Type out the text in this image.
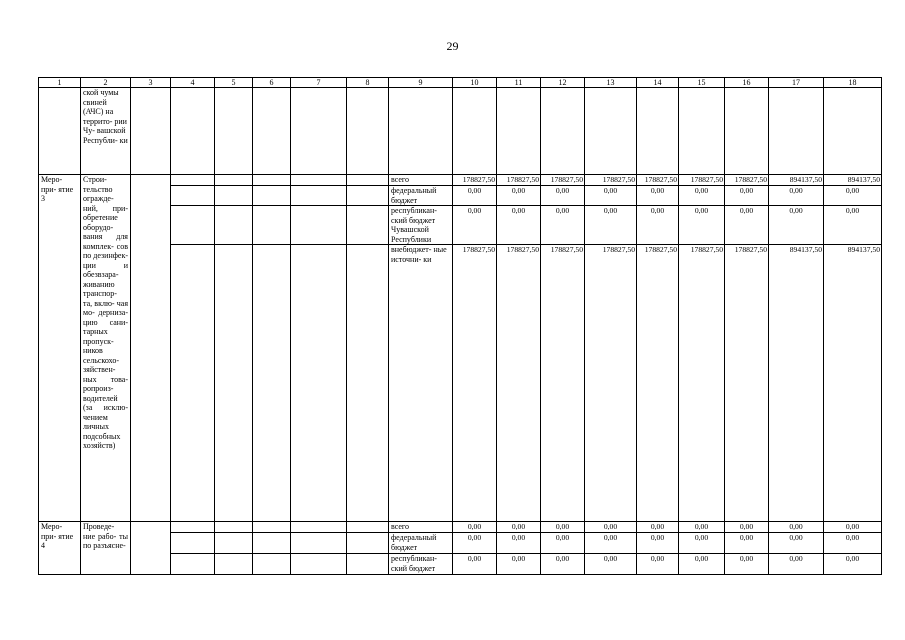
29
1	2	3	4	5	6	7	8	9	10	11	12	13	14	15	16	17	18
	ской чумы свиней (АЧС) на террито- рии Чу- вашской Республи- ки																
Меро- при- ятие 3	Строи- тельство огражде- ний, при- обретение оборудо- вания для комплек- сов по дезинфек- ции и обезвзара- живанию транспор- та, вклю- чая мо- дерниза- цию сани- тарных пропуск- ников сельскохо- зяйствен- ных това- ропроиз- водителей (за исклю- чением личных подсобных хозяйств)							всего	178827,50	178827,50	178827,50	178827,50	178827,50	178827,50	178827,50	894137,50	894137,50
								федеральный бюджет	0,00	0,00	0,00	0,00	0,00	0,00	0,00	0,00	0,00
								республикан- ский бюджет Чувашской Республики	0,00	0,00	0,00	0,00	0,00	0,00	0,00	0,00	0,00
								внебюджет- ные источни- ки	178827,50	178827,50	178827,50	178827,50	178827,50	178827,50	178827,50	894137,50	894137,50
Меро- при- ятие 4	Проведе- ние рабо- ты по разъясне-							всего	0,00	0,00	0,00	0,00	0,00	0,00	0,00	0,00	0,00
								федеральный бюджет	0,00	0,00	0,00	0,00	0,00	0,00	0,00	0,00	0,00
								республикан- ский бюджет	0,00	0,00	0,00	0,00	0,00	0,00	0,00	0,00	0,00
